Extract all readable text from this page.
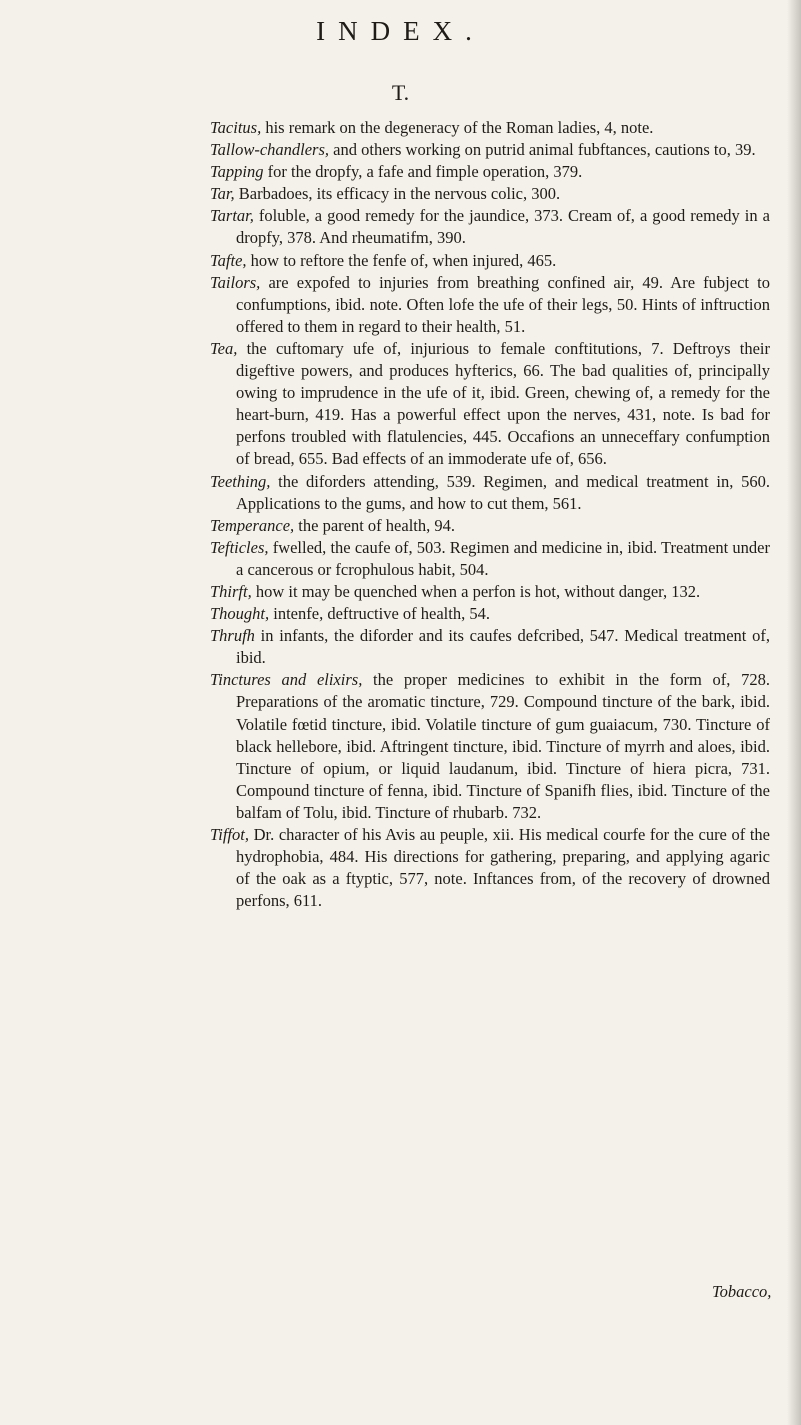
INDEX.
T.

Tacitus, his remark on the degeneracy of the Roman ladies, 4, note.

Tallow-chandlers, and others working on putrid animal fubftances, cautions to, 39.

Tapping for the dropfy, a fafe and fimple operation, 379.

Tar, Barbadoes, its efficacy in the nervous colic, 300.

Tartar, foluble, a good remedy for the jaundice, 373. Cream of, a good remedy in a dropfy, 378. And rheumatifm, 390.

Tafte, how to reftore the fenfe of, when injured, 465.

Tailors, are expofed to injuries from breathing confined air, 49. Are fubject to confumptions, ibid. note. Often lofe the ufe of their legs, 50. Hints of inftruction offered to them in regard to their health, 51.

Tea, the cuftomary ufe of, injurious to female conftitutions, 7. Deftroys their digeftive powers, and produces hyfterics, 66. The bad qualities of, principally owing to imprudence in the ufe of it, ibid. Green, chewing of, a remedy for the heart-burn, 419. Has a powerful effect upon the nerves, 431, note. Is bad for perfons troubled with flatulencies, 445. Occafions an unneceffary confumption of bread, 655. Bad effects of an immoderate ufe of, 656.

Teething, the diforders attending, 539. Regimen, and medical treatment in, 560. Applications to the gums, and how to cut them, 561.

Temperance, the parent of health, 94.

Tefticles, fwelled, the caufe of, 503. Regimen and medicine in, ibid. Treatment under a cancerous or fcrophulous habit, 504.

Thirft, how it may be quenched when a perfon is hot, without danger, 132.

Thought, intenfe, deftructive of health, 54.

Thrufh in infants, the diforder and its caufes defcribed, 547. Medical treatment of, ibid.

Tinctures and elixirs, the proper medicines to exhibit in the form of, 728. Preparations of the aromatic tincture, 729. Compound tincture of the bark, ibid. Volatile fœtid tincture, ibid. Volatile tincture of gum guaiacum, 730. Tincture of black hellebore, ibid. Aftringent tincture, ibid. Tincture of myrrh and aloes, ibid. Tincture of opium, or liquid laudanum, ibid. Tincture of hiera picra, 731. Compound tincture of fenna, ibid. Tincture of Spanifh flies, ibid. Tincture of the balfam of Tolu, ibid. Tincture of rhubarb. 732.

Tiffot, Dr. character of his Avis au peuple, xii. His medical courfe for the cure of the hydrophobia, 484. His directions for gathering, preparing, and applying agaric of the oak as a ftyptic, 577, note. Inftances from, of the recovery of drowned perfons, 611.

Tobacco,
